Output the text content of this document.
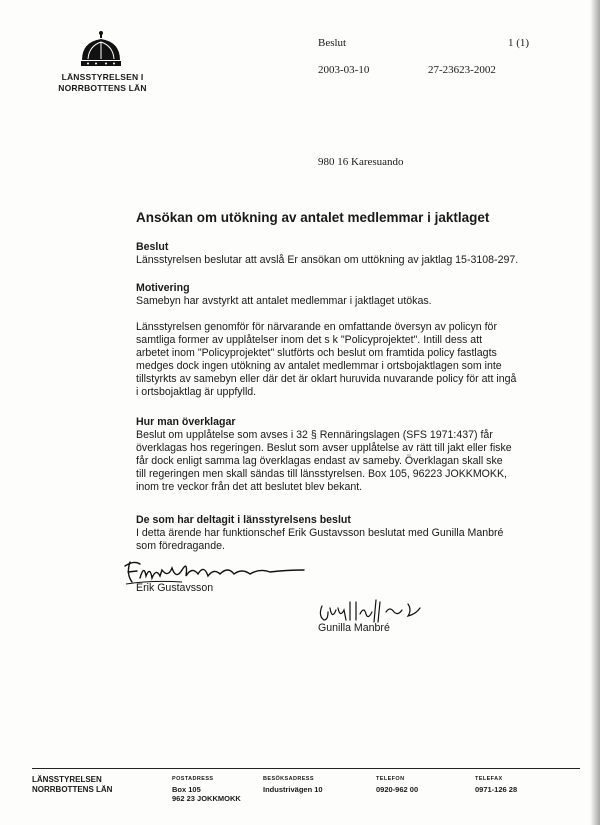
LÄNSSTYRELSEN I
NORRBOTTENS LÄN
Beslut	1 (1)
2003-03-10	27-23623-2002
980 16 Karesuando
Ansökan om utökning av antalet medlemmar i jaktlaget
Beslut
Länsstyrelsen beslutar att avslå Er ansökan om uttökning av jaktlag 15-3108-297.
Motivering
Samebyn har avstyrkt att antalet medlemmar i jaktlaget utökas.
Länsstyrelsen genomför för närvarande en omfattande översyn av policyn för
samtliga former av upplåtelser inom det s k "Policyprojektet". Intill dess att
arbetet inom "Policyprojektet" slutförts och beslut om framtida policy fastlagts
medges dock ingen utökning av antalet medlemmar i ortsbojaktlagen som inte
tillstyrkts av samebyn eller där det är oklart huruvida nuvarande policy för att ingå
i ortsbojaktlag är uppfylld.
Hur man överklagar
Beslut om upplåtelse som avses i 32 § Rennäringslagen (SFS 1971:437) får
överklagas hos regeringen. Beslut som avser upplåtelse av rätt till jakt eller fiske
får dock enligt samma lag överklagas endast av sameby. Överklagan skall ske
till regeringen men skall sändas till länsstyrelsen. Box 105, 96223 JOKKMOKK,
inom tre veckor från det att beslutet blev bekant.
De som har deltagit i länsstyrelsens beslut
I detta ärende har funktionschef Erik Gustavsson beslutat med Gunilla Manbré
som föredragande.
Erik Gustavsson
Gunilla Manbré
LÄNSSTYRELSEN
NORRBOTTENS LÄN
POSTADRESS
Box 105
962 23 JOKKMOKK
BESÖKSADRESS
Industrivägen 10
TELEFON
0920-962 00
TELEFAX
0971-126 28
